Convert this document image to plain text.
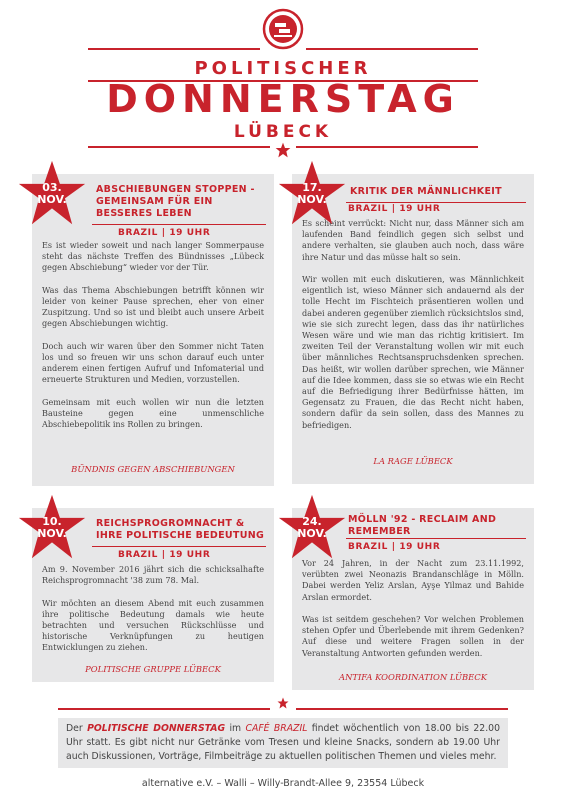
POLITISCHER
DONNERSTAG
LÜBECK
ABSCHIEBUNGEN STOPPEN - GEMEINSAM FÜR EIN BESSERES LEBEN
BRAZIL | 19 UHR

Es ist wieder soweit und nach langer Sommerpause steht das nächste Treffen des Bündnisses „Lübeck gegen Abschiebung“ wieder vor der Tür.

Was das Thema Abschiebungen betrifft können wir leider von keiner Pause sprechen, eher von einer Zuspitzung. Und so ist und bleibt auch unsere Arbeit gegen Abschiebungen wichtig.

Doch auch wir waren über den Sommer nicht Taten los und so freuen wir uns schon darauf euch unter anderem einen fertigen Aufruf und Infomaterial und erneuerte Strukturen und Medien, vorzustellen.

Gemeinsam mit euch wollen wir nun die letzten Bausteine gegen eine unmenschliche Abschiebepolitik ins Rollen zu bringen.

BÜNDNIS GEGEN ABSCHIEBUNGEN
03.
NOV.
KRITIK DER MÄNNLICHKEIT
BRAZIL | 19 UHR

Es scheint verrückt: Nicht nur, dass Männer sich am laufenden Band feindlich gegen sich selbst und andere verhalten, sie glauben auch noch, dass wäre ihre Natur und das müsse halt so sein.

Wir wollen mit euch diskutieren, was Männlichkeit eigentlich ist, wieso Männer sich andauernd als der tolle Hecht im Fischteich präsentieren wollen und dabei anderen gegenüber ziemlich rücksichtslos sind, wie sie sich zurecht legen, dass das ihr natürliches Wesen wäre und wie man das richtig kritisiert. Im zweiten Teil der Veranstaltung wollen wir mit euch über männliches Rechtsanspruchsdenken sprechen. Das heißt, wir wollen darüber sprechen, wie Männer auf die Idee kommen, dass sie so etwas wie ein Recht auf die Befriedigung ihrer Bedürfnisse hätten, im Gegensatz zu Frauen, die das Recht nicht haben, sondern dafür da sein sollen, dass des Mannes zu befriedigen.

LA RAGE LÜBECK
17.
NOV.
REICHSPROGROMNACHT & IHRE POLITISCHE BEDEUTUNG
BRAZIL | 19 UHR

Am 9. November 2016 jährt sich die schicksalhafte Reichsprogromnacht '38 zum 78. Mal.

Wir möchten an diesem Abend mit euch zusammen ihre politische Bedeutung damals wie heute betrachten und versuchen Rückschlüsse und historische Verknüpfungen zu heutigen Entwicklungen zu ziehen.

POLITISCHE GRUPPE LÜBECK
10.
NOV.
MÖLLN '92 - RECLAIM AND REMEMBER
BRAZIL | 19 UHR

Vor 24 Jahren, in der Nacht zum 23.11.1992, verübten zwei Neonazis Brandanschläge in Mölln. Dabei werden Yeliz Arslan, Ayşe Yilmaz und Bahide Arslan ermordet.

Was ist seitdem geschehen? Vor welchen Problemen stehen Opfer und Überlebende mit ihrem Gedenken? Auf diese und weitere Fragen sollen in der Veranstaltung Antworten gefunden werden.

ANTIFA KOORDINATION LÜBECK
24.
NOV.
Der POLITISCHE DONNERSTAG im CAFÉ BRAZIL findet wöchentlich von 18.00 bis 22.00 Uhr statt. Es gibt nicht nur Getränke vom Tresen und kleine Snacks, sondern ab 19.00 Uhr auch Diskussionen, Vorträge, Filmbeiträge zu aktuellen politischen Themen und vieles mehr.
alternative e.V. – Walli – Willy-Brandt-Allee 9, 23554 Lübeck
